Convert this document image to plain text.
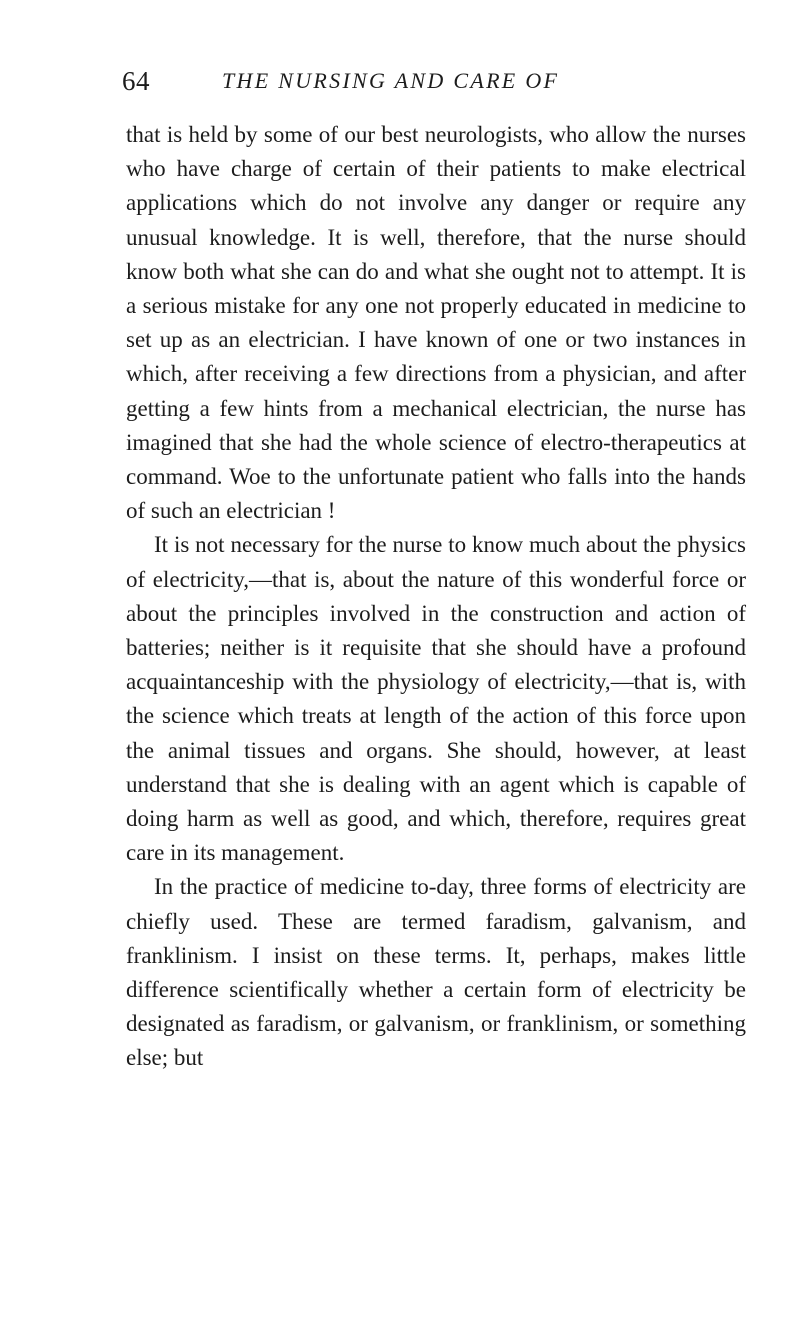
64	THE NURSING AND CARE OF

that is held by some of our best neurologists, who allow the nurses who have charge of certain of their patients to make electrical applications which do not involve any danger or require any unusual knowledge. It is well, therefore, that the nurse should know both what she can do and what she ought not to attempt. It is a serious mistake for any one not properly educated in medicine to set up as an electrician. I have known of one or two instances in which, after receiving a few directions from a physician, and after getting a few hints from a mechanical electrician, the nurse has imagined that she had the whole science of electro-therapeutics at command. Woe to the unfortunate patient who falls into the hands of such an electrician !

It is not necessary for the nurse to know much about the physics of electricity,—that is, about the nature of this wonderful force or about the principles involved in the construction and action of batteries; neither is it requisite that she should have a profound acquaintanceship with the physiology of electricity,—that is, with the science which treats at length of the action of this force upon the animal tissues and organs. She should, however, at least understand that she is dealing with an agent which is capable of doing harm as well as good, and which, therefore, requires great care in its management.

In the practice of medicine to-day, three forms of electricity are chiefly used. These are termed faradism, galvanism, and franklinism. I insist on these terms. It, perhaps, makes little difference scientifically whether a certain form of electricity be designated as faradism, or galvanism, or franklinism, or something else; but
